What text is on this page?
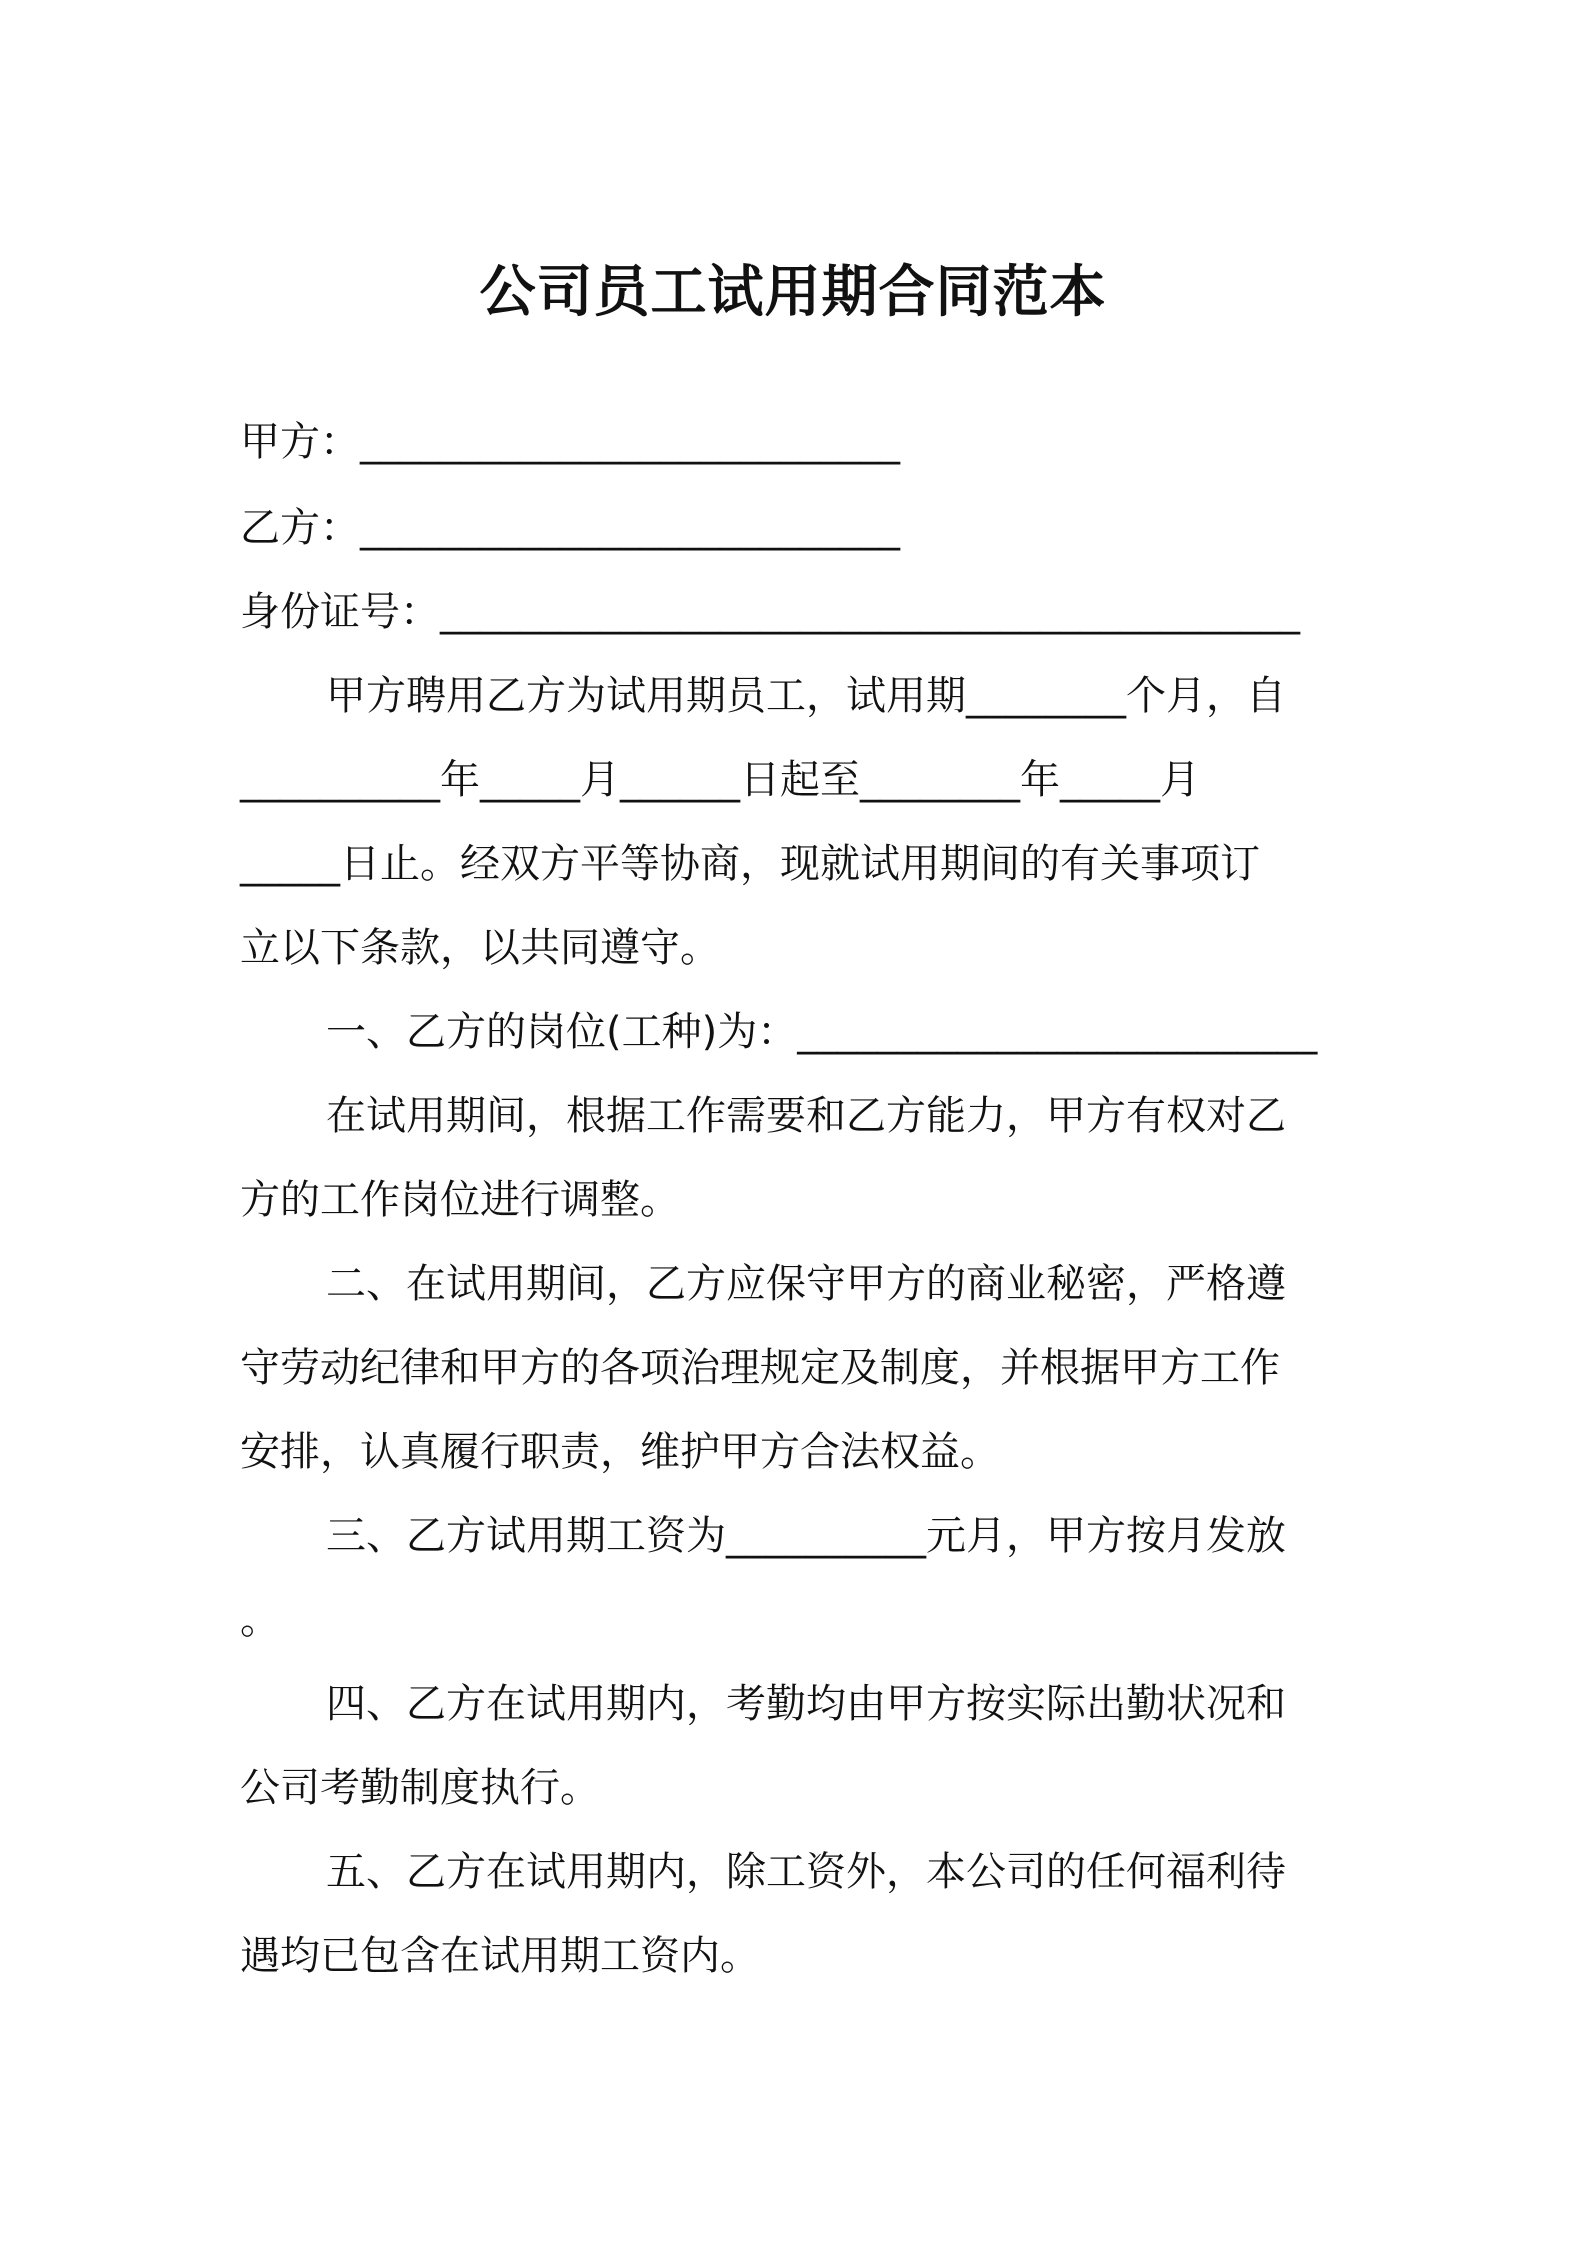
公司员工试用期合同范本
甲方：___________________________
乙方：___________________________
身份证号：___________________________________________
甲方聘用乙方为试用期员工，试用期________个月，自
__________年_____月______日起至________年_____月
_____日止。经双方平等协商，现就试用期间的有关事项订
立以下条款，以共同遵守。
一、乙方的岗位(工种)为：__________________________
在试用期间，根据工作需要和乙方能力，甲方有权对乙
方的工作岗位进行调整。
二、在试用期间，乙方应保守甲方的商业秘密，严格遵
守劳动纪律和甲方的各项治理规定及制度，并根据甲方工作
安排，认真履行职责，维护甲方合法权益。
三、乙方试用期工资为__________元月，甲方按月发放
。
四、乙方在试用期内，考勤均由甲方按实际出勤状况和
公司考勤制度执行。
五、乙方在试用期内，除工资外，本公司的任何福利待
遇均已包含在试用期工资内。
